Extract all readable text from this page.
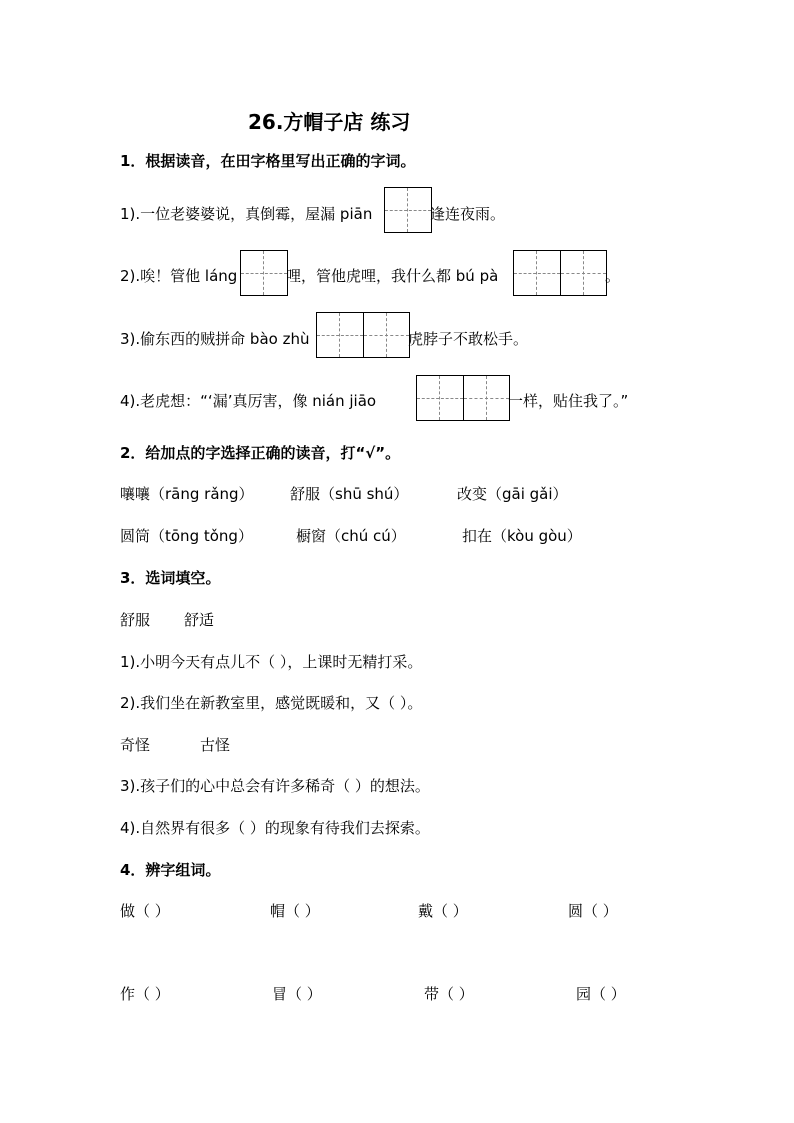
26.方帽子店 练习
1．根据读音，在田字格里写出正确的字词。
1).一位老婆婆说，真倒霉，屋漏 piān	逢连夜雨。
2).唉！管他 láng	哩，管他虎哩，我什么都 bú pà	。
3).偷东西的贼拼命 bào zhù	虎脖子不敢松手。
4).老虎想：“‘漏’真厉害，像 nián jiāo	一样，贴住我了。”
2．给加点的字选择正确的读音，打“√”。
嚷嚷（rāng rǎng） 舒服（shū shú）	改变（gāi gǎi）
圆筒（tōng tǒng）	橱窗（chú cú）	扣在（kòu gòu）
3．选词填空。
舒服 舒适
1).小明今天有点儿不（ ），上课时无精打采。
2).我们坐在新教室里，感觉既暖和，又（ ）。
奇怪	古怪
3).孩子们的心中总会有许多稀奇（ ）的想法。
4).自然界有很多（ ）的现象有待我们去探索。
4．辨字组词。
做（ ）	帽（ ）	戴（ ）	圆（ ）
作（ ）	冒（ ）	带（ ）	园（ ）
